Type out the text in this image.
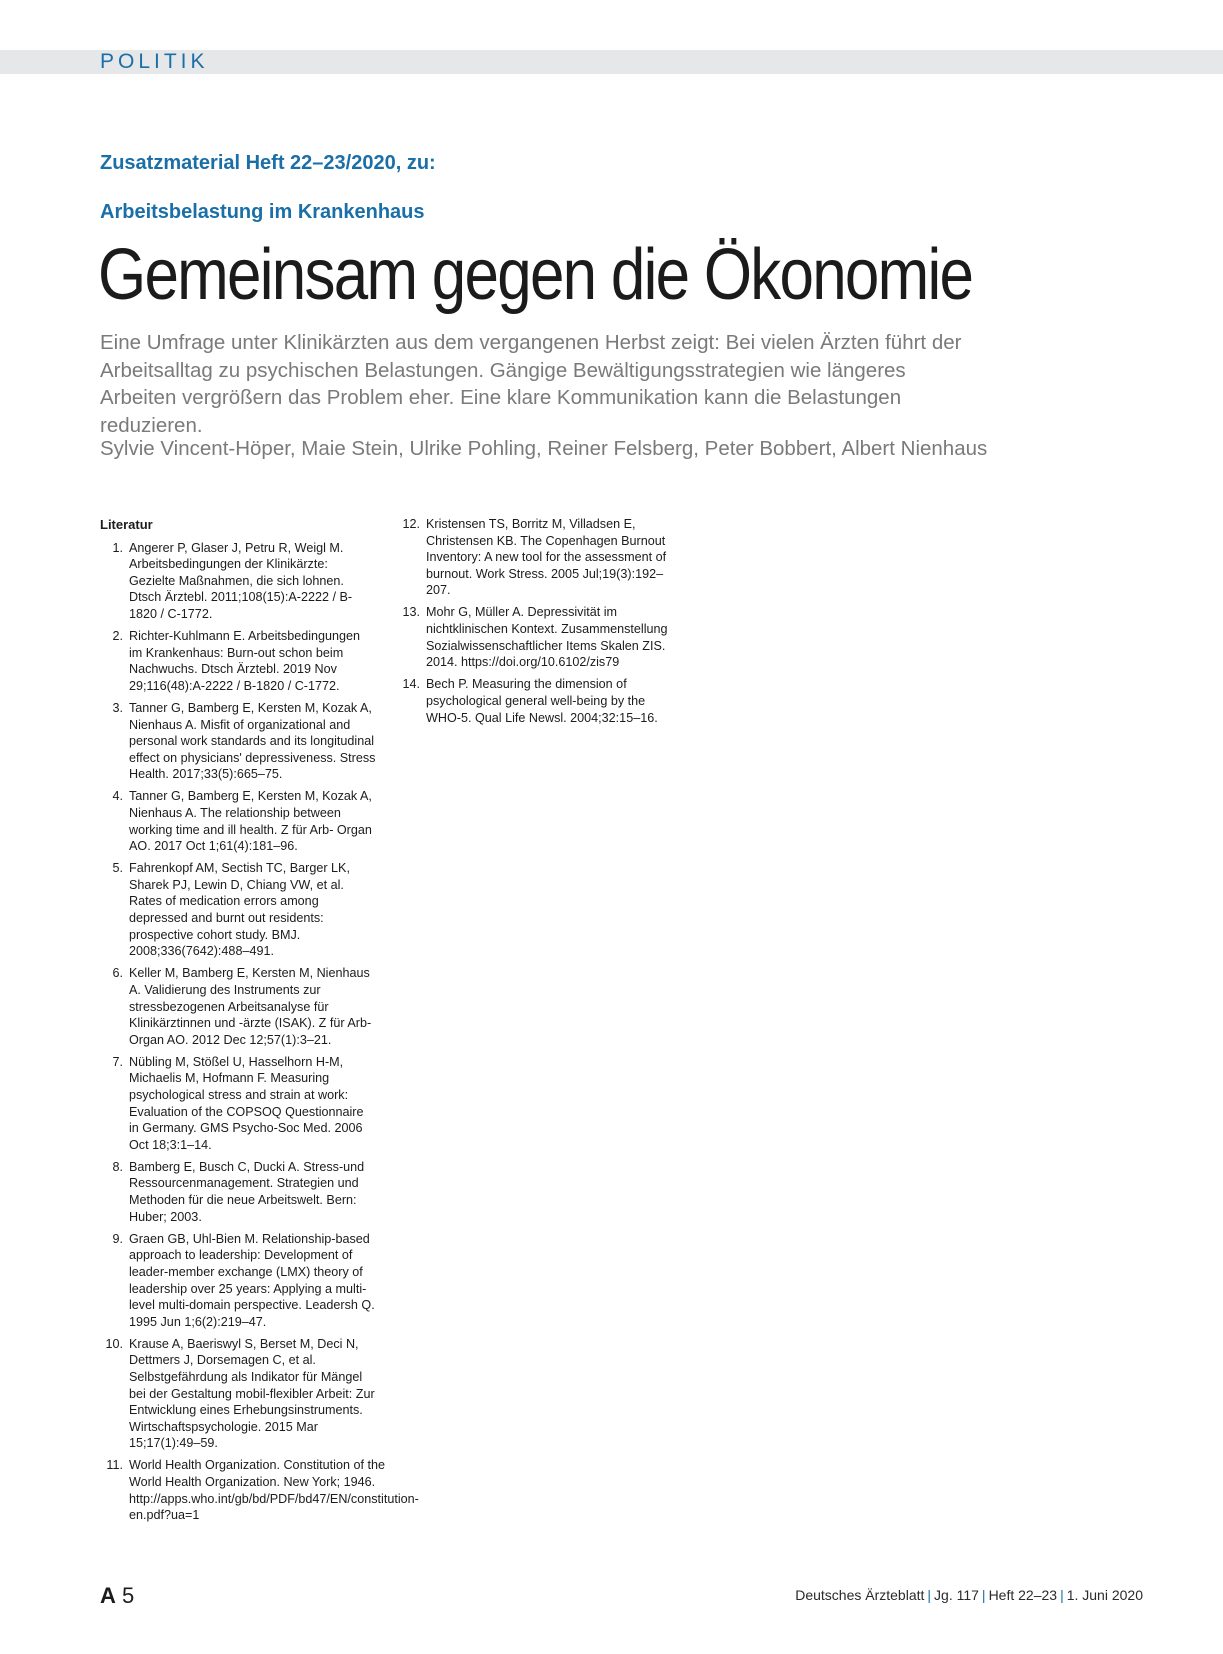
POLITIK
Zusatzmaterial Heft 22–23/2020, zu:
Arbeitsbelastung im Krankenhaus
Gemeinsam gegen die Ökonomie

Eine Umfrage unter Klinikärzten aus dem vergangenen Herbst zeigt: Bei vielen Ärzten führt der Arbeitsalltag zu psychischen Belastungen. Gängige Bewältigungsstrategien wie längeres Arbeiten vergrößern das Problem eher. Eine klare Kommunikation kann die Belastungen reduzieren.

Sylvie Vincent-Höper, Maie Stein, Ulrike Pohling, Reiner Felsberg, Peter Bobbert, Albert Nienhaus
Literatur
1. Angerer P, Glaser J, Petru R, Weigl M. Arbeitsbedingungen der Klinikärzte: Gezielte Maßnahmen, die sich lohnen. Dtsch Ärztebl. 2011;108(15):A-2222 / B-1820 / C-1772.
2. Richter-Kuhlmann E. Arbeitsbedingungen im Krankenhaus: Burn-out schon beim Nachwuchs. Dtsch Ärztebl. 2019 Nov 29;116(48):A-2222 / B-1820 / C-1772.
3. Tanner G, Bamberg E, Kersten M, Kozak A, Nienhaus A. Misfit of organizational and personal work standards and its longitudinal effect on physicians' depressiveness. Stress Health. 2017;33(5):665–75.
4. Tanner G, Bamberg E, Kersten M, Kozak A, Nienhaus A. The relationship between working time and ill health. Z für Arb- Organ AO. 2017 Oct 1;61(4):181–96.
5. Fahrenkopf AM, Sectish TC, Barger LK, Sharek PJ, Lewin D, Chiang VW, et al. Rates of medication errors among depressed and burnt out residents: prospective cohort study. BMJ. 2008;336(7642):488–491.
6. Keller M, Bamberg E, Kersten M, Nienhaus A. Validierung des Instruments zur stressbezogenen Arbeitsanalyse für Klinikärztinnen und -ärzte (ISAK). Z für Arb- Organ AO. 2012 Dec 12;57(1):3–21.
7. Nübling M, Stößel U, Hasselhorn H-M, Michaelis M, Hofmann F. Measuring psychological stress and strain at work: Evaluation of the COPSOQ Questionnaire in Germany. GMS Psycho-Soc Med. 2006 Oct 18;3:1–14.
8. Bamberg E, Busch C, Ducki A. Stress-und Ressourcenmanagement. Strategien und Methoden für die neue Arbeitswelt. Bern: Huber; 2003.
9. Graen GB, Uhl-Bien M. Relationship-based approach to leadership: Development of leader-member exchange (LMX) theory of leadership over 25 years: Applying a multi-level multi-domain perspective. Leadersh Q. 1995 Jun 1;6(2):219–47.
10. Krause A, Baeriswyl S, Berset M, Deci N, Dettmers J, Dorsemagen C, et al. Selbstgefährdung als Indikator für Mängel bei der Gestaltung mobil-flexibler Arbeit: Zur Entwicklung eines Erhebungsinstruments. Wirtschaftspsychologie. 2015 Mar 15;17(1):49–59.
11. World Health Organization. Constitution of the World Health Organization. New York; 1946. http://apps.who.int/gb/bd/PDF/bd47/EN/constitution-en.pdf?ua=1
12. Kristensen TS, Borritz M, Villadsen E, Christensen KB. The Copenhagen Burnout Inventory: A new tool for the assessment of burnout. Work Stress. 2005 Jul;19(3):192–207.
13. Mohr G, Müller A. Depressivität im nichtklinischen Kontext. Zusammenstellung Sozialwissenschaftlicher Items Skalen ZIS. 2014. https://doi.org/10.6102/zis79
14. Bech P. Measuring the dimension of psychological general well-being by the WHO-5. Qual Life Newsl. 2004;32:15–16.
A 5	Deutsches Ärzteblatt | Jg. 117 | Heft 22–23 | 1. Juni 2020
